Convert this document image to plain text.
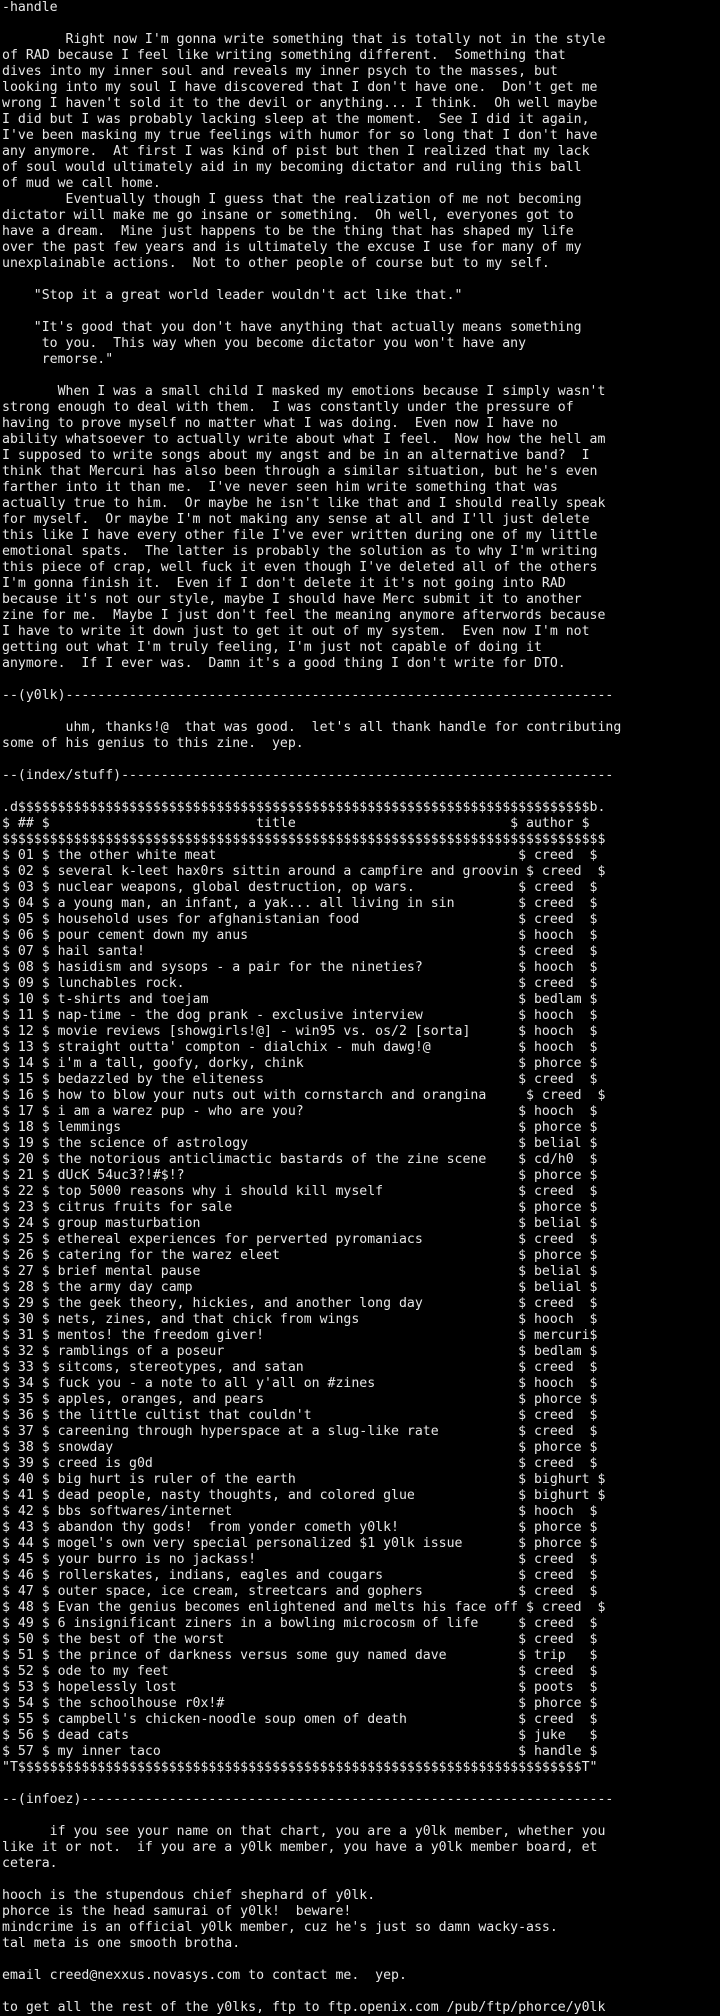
-handle
Right now I'm gonna write something that is totally not in the style
of RAD because I feel like writing something different.  Something that
dives into my inner soul and reveals my inner psych to the masses, but
looking into my soul I have discovered that I don't have one.  Don't get me
wrong I haven't sold it to the devil or anything... I think.  Oh well maybe
I did but I was probably lacking sleep at the moment.  See I did it again,
I've been masking my true feelings with humor for so long that I don't have
any anymore.  At first I was kind of pist but then I realized that my lack
of soul would ultimately aid in my becoming dictator and ruling this ball
of mud we call home.
Eventually though I guess that the realization of me not becoming
dictator will make me go insane or something.  Oh well, everyones got to
have a dream.  Mine just happens to be the thing that has shaped my life
over the past few years and is ultimately the excuse I use for many of my
unexplainable actions.  Not to other people of course but to my self.
"Stop it a great world leader wouldn't act like that."
"It's good that you don't have anything that actually means something
to you.  This way when you become dictator you won't have any
remorse."
When I was a small child I masked my emotions because I simply wasn't
strong enough to deal with them.  I was constantly under the pressure of
having to prove myself no matter what I was doing.  Even now I have no
ability whatsoever to actually write about what I feel.  Now how the hell am
I supposed to write songs about my angst and be in an alternative band?  I
think that Mercuri has also been through a similar situation, but he's even
farther into it than me.  I've never seen him write something that was
actually true to him.  Or maybe he isn't like that and I should really speak
for myself.  Or maybe I'm not making any sense at all and I'll just delete
this like I have every other file I've ever written during one of my little
emotional spats.  The latter is probably the solution as to why I'm writing
this piece of crap, well fuck it even though I've deleted all of the others
I'm gonna finish it.  Even if I don't delete it it's not going into RAD
because it's not our style, maybe I should have Merc submit it to another
zine for me.  Maybe I just don't feel the meaning anymore afterwords because
I have to write it down just to get it out of my system.  Even now I'm not
getting out what I'm truly feeling, I'm just not capable of doing it
anymore.  If I ever was.  Damn it's a good thing I don't write for DTO.
--(y0lk)---------------------------------------------------------------------
uhm, thanks!@  that was good.  let's all thank handle for contributing
some of his genius to this zine.  yep.
--(index/stuff)--------------------------------------------------------------
.d$$$$$$$$$$$$$$$$$$$$$$$$$$$$$$$$$$$$$$$$$$$$$$$$$$$$$$$$$$$$$$$$$$$$$$$$b.
$ ## $                          title                           $ author $
$$$$$$$$$$$$$$$$$$$$$$$$$$$$$$$$$$$$$$$$$$$$$$$$$$$$$$$$$$$$$$$$$$$$$$$$$$$$
$ 01 $ the other white meat                                      $ creed  $
$ 02 $ several k-leet hax0rs sittin around a campfire and groovin $ creed  $
$ 03 $ nuclear weapons, global destruction, op wars.             $ creed  $
$ 04 $ a young man, an infant, a yak... all living in sin        $ creed  $
$ 05 $ household uses for afghanistanian food                    $ creed  $
$ 06 $ pour cement down my anus                                  $ hooch  $
$ 07 $ hail santa!                                               $ creed  $
$ 08 $ hasidism and sysops - a pair for the nineties?            $ hooch  $
$ 09 $ lunchables rock.                                          $ creed  $
$ 10 $ t-shirts and toejam                                       $ bedlam $
$ 11 $ nap-time - the dog prank - exclusive interview            $ hooch  $
$ 12 $ movie reviews [showgirls!@] - win95 vs. os/2 [sorta]      $ hooch  $
$ 13 $ straight outta' compton - dialchix - muh dawg!@           $ hooch  $
$ 14 $ i'm a tall, goofy, dorky, chink                           $ phorce $
$ 15 $ bedazzled by the eliteness                                $ creed  $
$ 16 $ how to blow your nuts out with cornstarch and orangina     $ creed  $
$ 17 $ i am a warez pup - who are you?                           $ hooch  $
$ 18 $ lemmings                                                  $ phorce $
$ 19 $ the science of astrology                                  $ belial $
$ 20 $ the notorious anticlimactic bastards of the zine scene    $ cd/h0  $
$ 21 $ dUcK 54uc3?!#$!?                                          $ phorce $
$ 22 $ top 5000 reasons why i should kill myself                 $ creed  $
$ 23 $ citrus fruits for sale                                    $ phorce $
$ 24 $ group masturbation                                        $ belial $
$ 25 $ ethereal experiences for perverted pyromaniacs            $ creed  $
$ 26 $ catering for the warez eleet                              $ phorce $
$ 27 $ brief mental pause                                        $ belial $
$ 28 $ the army day camp                                         $ belial $
$ 29 $ the geek theory, hickies, and another long day            $ creed  $
$ 30 $ nets, zines, and that chick from wings                    $ hooch  $
$ 31 $ mentos! the freedom giver!                                $ mercuri$
$ 32 $ ramblings of a poseur                                     $ bedlam $
$ 33 $ sitcoms, stereotypes, and satan                           $ creed  $
$ 34 $ fuck you - a note to all y'all on #zines                  $ hooch  $
$ 35 $ apples, oranges, and pears                                $ phorce $
$ 36 $ the little cultist that couldn't                          $ creed  $
$ 37 $ careening through hyperspace at a slug-like rate          $ creed  $
$ 38 $ snowday                                                   $ phorce $
$ 39 $ creed is g0d                                              $ creed  $
$ 40 $ big hurt is ruler of the earth                            $ bighurt $
$ 41 $ dead people, nasty thoughts, and colored glue             $ bighurt $
$ 42 $ bbs softwares/internet                                    $ hooch  $
$ 43 $ abandon thy gods!  from yonder cometh y0lk!               $ phorce $
$ 44 $ mogel's own very special personalized $1 y0lk issue       $ phorce $
$ 45 $ your burro is no jackass!                                 $ creed  $
$ 46 $ rollerskates, indians, eagles and cougars                 $ creed  $
$ 47 $ outer space, ice cream, streetcars and gophers            $ creed  $
$ 48 $ Evan the genius becomes enlightened and melts his face off $ creed  $
$ 49 $ 6 insignificant ziners in a bowling microcosm of life     $ creed  $
$ 50 $ the best of the worst                                     $ creed  $
$ 51 $ the prince of darkness versus some guy named dave         $ trip   $
$ 52 $ ode to my feet                                            $ creed  $
$ 53 $ hopelessly lost                                           $ poots  $
$ 54 $ the schoolhouse r0x!#                                     $ phorce $
$ 55 $ campbell's chicken-noodle soup omen of death              $ creed  $
$ 56 $ dead cats                                                 $ juke   $
$ 57 $ my inner taco                                             $ handle $
"T$$$$$$$$$$$$$$$$$$$$$$$$$$$$$$$$$$$$$$$$$$$$$$$$$$$$$$$$$$$$$$$$$$$$$$$T"
--(infoez)-------------------------------------------------------------------
if you see your name on that chart, you are a y0lk member, whether you
like it or not.  if you are a y0lk member, you have a y0lk member board, et
cetera.
hooch is the stupendous chief shephard of y0lk.
phorce is the head samurai of y0lk!  beware!
mindcrime is an official y0lk member, cuz he's just so damn wacky-ass.
tal meta is one smooth brotha.
email creed@nexxus.novasys.com to contact me.  yep.
to get all the rest of the y0lks, ftp to ftp.openix.com /pub/ftp/phorce/y0lk
